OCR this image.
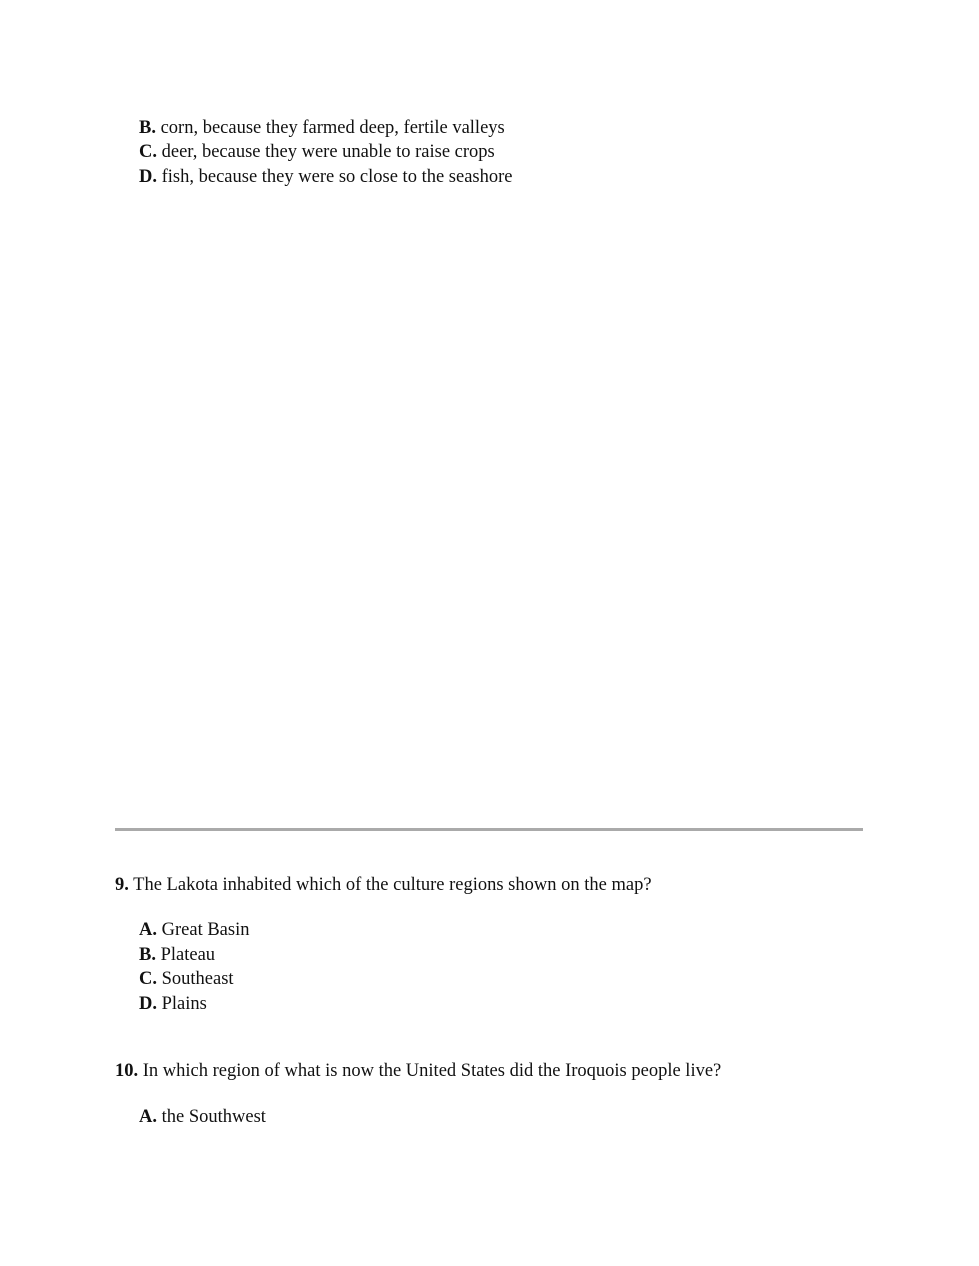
B. corn, because they farmed deep, fertile valleys
C. deer, because they were unable to raise crops
D. fish, because they were so close to the seashore
9. The Lakota inhabited which of the culture regions shown on the map?
A. Great Basin
B. Plateau
C. Southeast
D. Plains
10. In which region of what is now the United States did the Iroquois people live?
A. the Southwest
